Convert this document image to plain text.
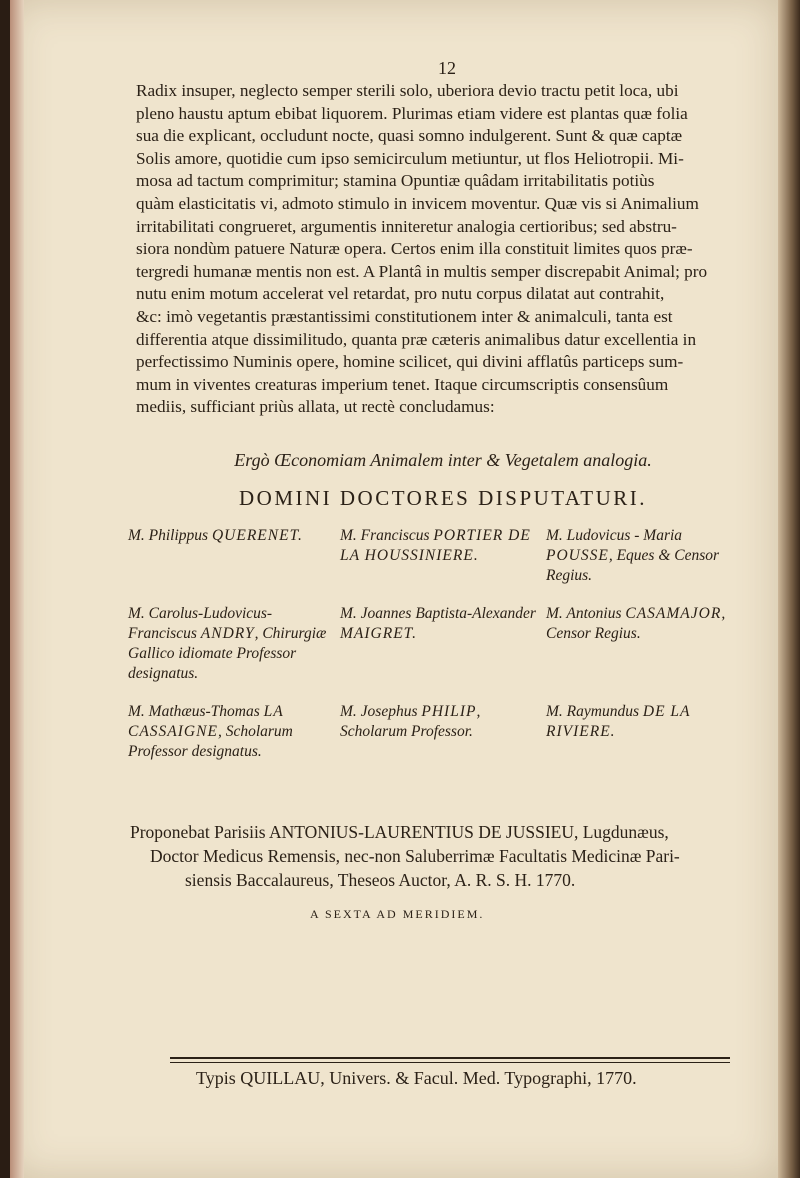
12
Radix insuper, neglecto semper sterili solo, uberiora devio tractu petit loca, ubi
pleno haustu aptum ebibat liquorem. Plurimas etiam videre est plantas quæ folia
sua die explicant, occludunt nocte, quasi somno indulgerent. Sunt & quæ captæ
Solis amore, quotidie cum ipso semicirculum metiuntur, ut flos Heliotropii. Mi-
mosa ad tactum comprimitur; stamina Opuntiæ quâdam irritabilitatis potiùs
quàm elasticitatis vi, admoto stimulo in invicem moventur. Quæ vis si Animalium
irritabilitati congrueret, argumentis inniteretur analogia certioribus; sed abstru-
siora nondùm patuere Naturæ opera. Certos enim illa constituit limites quos præ-
tergredi humanæ mentis non est. A Plantâ in multis semper discrepabit Animal; pro
nutu enim motum accelerat vel retardat, pro nutu corpus dilatat aut contrahit,
&c: imò vegetantis præstantissimi constitutionem inter & animalculi, tanta est
differentia atque dissimilitudo, quanta præ cæteris animalibus datur excellentia in
perfectissimo Numinis opere, homine scilicet, qui divini afflatûs particeps sum-
mum in viventes creaturas imperium tenet. Itaque circumscriptis consensûum
mediis, sufficiant priùs allata, ut rectè concludamus:
Ergò Œconomiam Animalem inter & Vegetalem analogia.
DOMINI DOCTORES DISPUTATURI.
M. Philippus QUERENET.	M. Franciscus PORTIER DE LA HOUSSINIERE.
M. Ludovicus - Maria POUSSE, Eques & Censor Regius.
M. Carolus-Ludovicus-Franciscus ANDRY, Chirurgiæ Gallico idiomate Professor designatus.
M. Joannes Baptista-Alexander MAIGRET.
M. Antonius CASAMAJOR, Censor Regius.
M. Mathæus-Thomas LA CASSAIGNE, Scholarum Professor designatus.
M. Josephus PHILIP, Scholarum Professor.
M. Raymundus DE LA RIVIERE.
Proponebat Parisiis ANTONIUS-LAURENTIUS DE JUSSIEU, Lugdunæus,
Doctor Medicus Remensis, nec-non Saluberrimæ Facultatis Medicinæ Pari-
siensis Baccalaureus, Theseos Auctor, A. R. S. H. 1770.
A SEXTA AD MERIDIEM.
Typis QUILLAU, Univers. & Facul. Med. Typographi, 1770.
